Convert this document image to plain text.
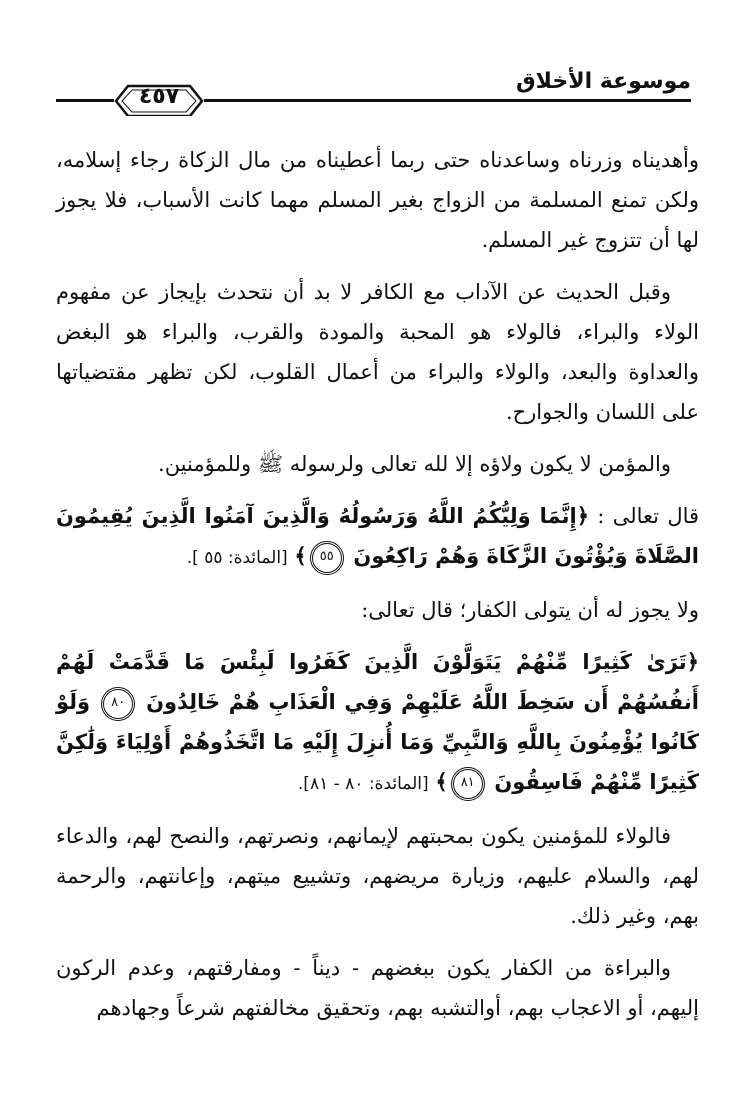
موسوعة الأخلاق
٤٥٧

وأهديناه وزرناه وساعدناه حتى ربما أعطيناه من مال الزكاة رجاء إسلامه، ولكن تمنع المسلمة من الزواج بغير المسلم مهما كانت الأسباب، فلا يجوز لها أن تتزوج غير المسلم.

وقبل الحديث عن الآداب مع الكافر لا بد أن نتحدث بإيجاز عن مفهوم الولاء والبراء، فالولاء هو المحبة والمودة والقرب، والبراء هو البغض والعداوة والبعد، والولاء والبراء من أعمال القلوب، لكن تظهر مقتضياتها على اللسان والجوارح.

والمؤمن لا يكون ولاؤه إلا لله تعالى ولرسوله ﷺ وللمؤمنين.

قال تعالى : ﴿إِنَّمَا وَلِيُّكُمُ اللَّهُ وَرَسُولُهُ وَالَّذِينَ آمَنُوا الَّذِينَ يُقِيمُونَ الصَّلَاةَ وَيُؤْتُونَ الزَّكَاةَ وَهُمْ رَاكِعُونَ ٥٥﴾ [المائدة: ٥٥ ].

ولا يجوز له أن يتولى الكفار؛ قال تعالى:

﴿تَرَىٰ كَثِيرًا مِّنْهُمْ يَتَوَلَّوْنَ الَّذِينَ كَفَرُوا لَبِئْسَ مَا قَدَّمَتْ لَهُمْ أَنفُسُهُمْ أَن سَخِطَ اللَّهُ عَلَيْهِمْ وَفِي الْعَذَابِ هُمْ خَالِدُونَ ٨٠ وَلَوْ كَانُوا يُؤْمِنُونَ بِاللَّهِ وَالنَّبِيِّ وَمَا أُنزِلَ إِلَيْهِ مَا اتَّخَذُوهُمْ أَوْلِيَاءَ وَلَٰكِنَّ كَثِيرًا مِّنْهُمْ فَاسِقُونَ ٨١﴾ [المائدة: ٨٠ - ٨١].

فالولاء للمؤمنين يكون بمحبتهم لإيمانهم، ونصرتهم، والنصح لهم، والدعاء لهم، والسلام عليهم، وزيارة مريضهم، وتشييع ميتهم، وإعانتهم، والرحمة بهم، وغير ذلك.

والبراءة من الكفار يكون ببغضهم - ديناً - ومفارقتهم، وعدم الركون إليهم، أو الاعجاب بهم، أوالتشبه بهم، وتحقيق مخالفتهم شرعاً وجهادهم
